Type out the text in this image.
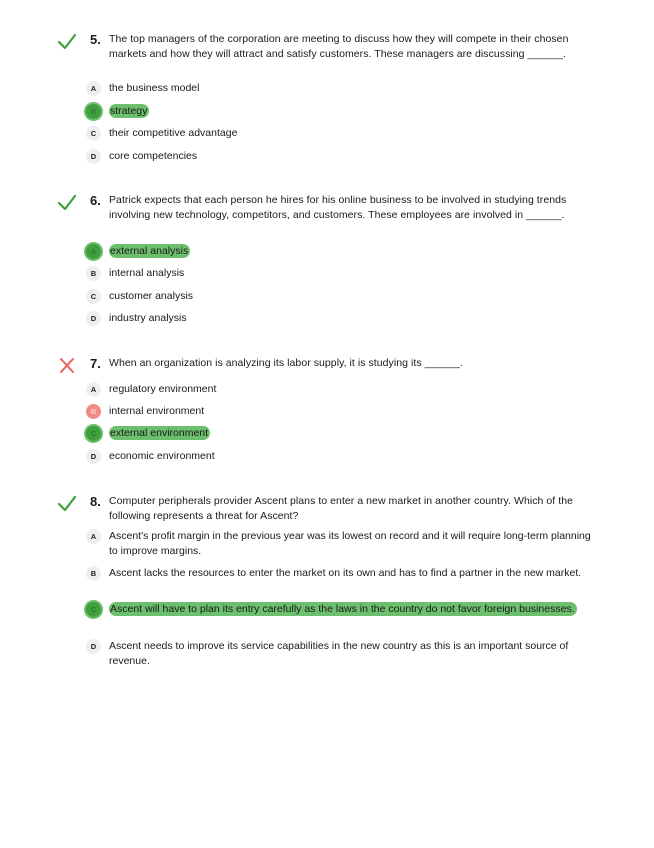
5. The top managers of the corporation are meeting to discuss how they will compete in their chosen markets and how they will attract and satisfy customers. These managers are discussing ______.
A	the business model
B	strategy
C	their competitive advantage
D	core competencies
6. Patrick expects that each person he hires for his online business to be involved in studying trends involving new technology, competitors, and customers. These employees are involved in ______.
A	external analysis
B	internal analysis
C	customer analysis
D	industry analysis
7. When an organization is analyzing its labor supply, it is studying its ______.
A	regulatory environment
B	internal environment
C	external environment
D	economic environment
8. Computer peripherals provider Ascent plans to enter a new market in another country. Which of the following represents a threat for Ascent?
A	Ascent's profit margin in the previous year was its lowest on record and it will require long-term planning to improve margins.
B	Ascent lacks the resources to enter the market on its own and has to find a partner in the new market.
C	Ascent will have to plan its entry carefully as the laws in the country do not favor foreign businesses.
D	Ascent needs to improve its service capabilities in the new country as this is an important source of revenue.
